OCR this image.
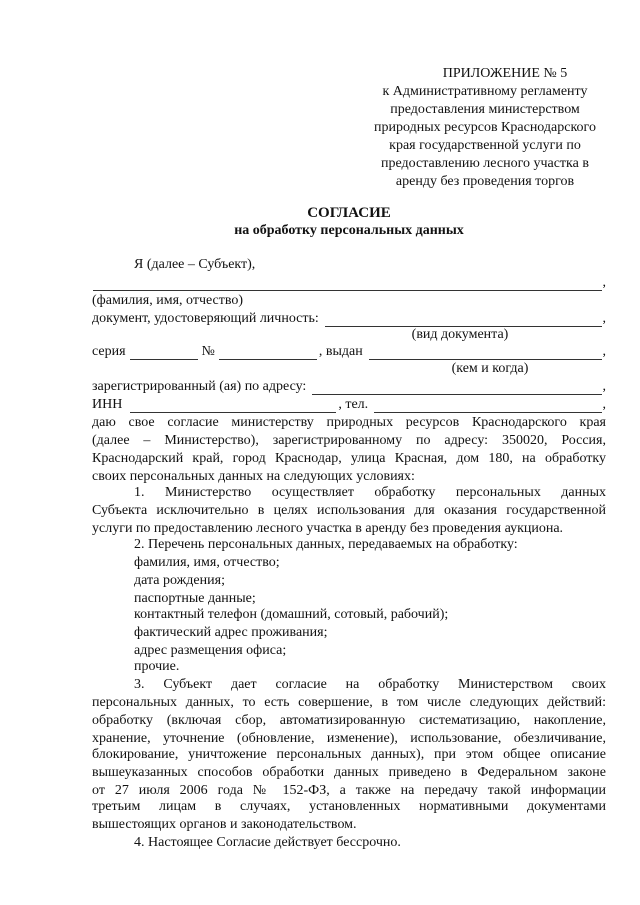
ПРИЛОЖЕНИЕ № 5
к Административному регламенту
предоставления министерством
природных ресурсов Краснодарского
края государственной услуги по
предоставлению лесного участка в
аренду без проведения торгов
СОГЛАСИЕ
на обработку персональных данных
Я (далее – Субъект),
,
(фамилия, имя, отчество)
документ, удостоверяющий личность:	,
(вид документа)
серия	№	, выдан	,
(кем и когда)
зарегистрированный (ая) по адресу:	,
ИНН	, тел.	,
даю свое согласие министерству природных ресурсов Краснодарского края
(далее – Министерство), зарегистрированному по адресу: 350020, Россия,
Краснодарский край, город Краснодар, улица Красная, дом 180, на обработку
своих персональных данных на следующих условиях:
1. Министерство осуществляет обработку персональных данных
Субъекта исключительно в целях использования для оказания государственной
услуги по предоставлению лесного участка в аренду без проведения аукциона.
2. Перечень персональных данных, передаваемых на обработку:
фамилия, имя, отчество;
дата рождения;
паспортные данные;
контактный телефон (домашний, сотовый, рабочий);
фактический адрес проживания;
адрес размещения офиса;
прочие.
3. Субъект дает согласие на обработку Министерством своих
персональных данных, то есть совершение, в том числе следующих действий:
обработку (включая сбор, автоматизированную систематизацию, накопление,
хранение, уточнение (обновление, изменение), использование, обезличивание,
блокирование, уничтожение персональных данных), при этом общее описание
вышеуказанных способов обработки данных приведено в Федеральном законе
от 27 июля 2006 года № 152-ФЗ, а также на передачу такой информации
третьим лицам в случаях, установленных нормативными документами
вышестоящих органов и законодательством.
4. Настоящее Согласие действует бессрочно.
